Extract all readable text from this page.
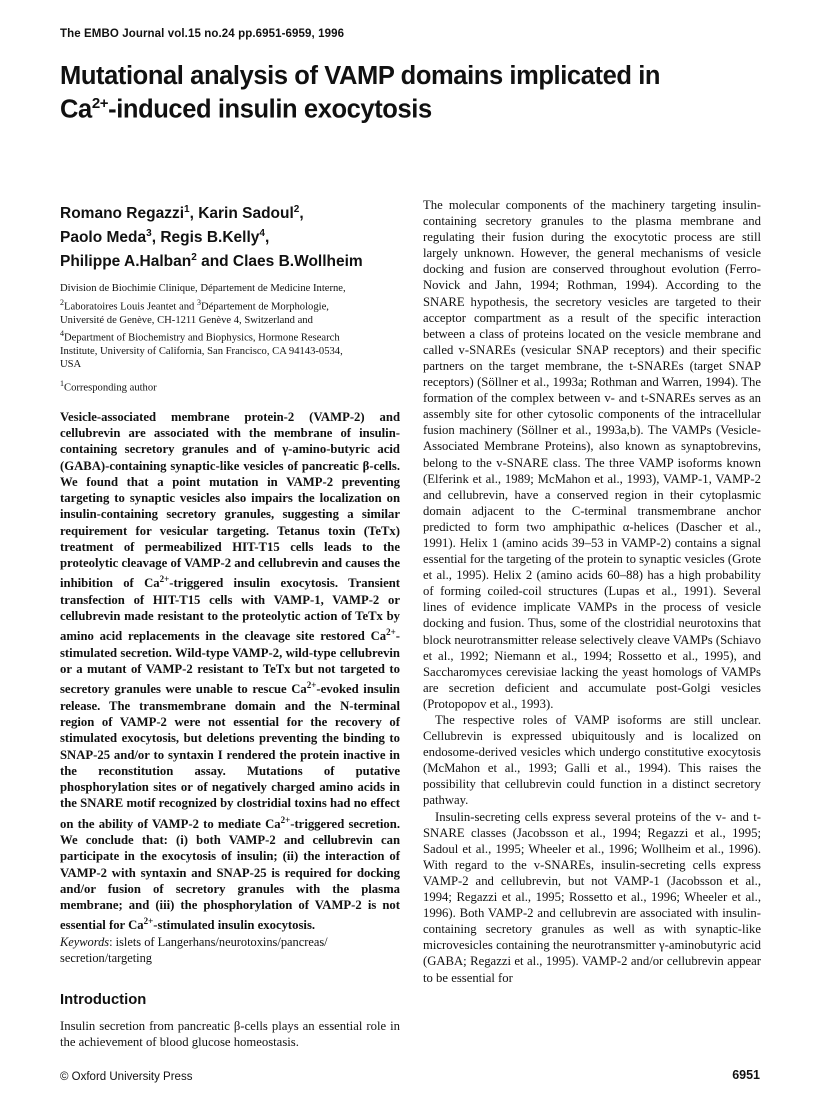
The EMBO Journal vol.15 no.24 pp.6951-6959, 1996
Mutational analysis of VAMP domains implicated in
$Ca^{2+}$-induced insulin exocytosis

Romano Regazzi$^1$, Karin Sadoul$^2$,
Paolo Meda$^3$, Regis B.Kelly$^4$,
Philippe A.Halban$^2$ and Claes B.Wollheim

Division de Biochimie Clinique, Département de Medicine Interne,
$^2$Laboratoires Louis Jeantet and $^3$Département de Morphologie,
Université de Genève, CH-1211 Genève 4, Switzerland and
$^4$Department of Biochemistry and Biophysics, Hormone Research
Institute, University of California, San Francisco, CA 94143-0534,
USA

$^1$Corresponding author

Vesicle-associated membrane protein-2 (VAMP-2) and cellubrevin are associated with the membrane of insulin-containing secretory granules and of γ-amino-butyric acid (GABA)-containing synaptic-like vesicles of pancreatic β-cells. We found that a point mutation in VAMP-2 preventing targeting to synaptic vesicles also impairs the localization on insulin-containing secretory granules, suggesting a similar requirement for vesicular targeting. Tetanus toxin (TeTx) treatment of permeabilized HIT-T15 cells leads to the proteolytic cleavage of VAMP-2 and cellubrevin and causes the inhibition of $Ca^{2+}$-triggered insulin exocytosis. Transient transfection of HIT-T15 cells with VAMP-1, VAMP-2 or cellubrevin made resistant to the proteolytic action of TeTx by amino acid replacements in the cleavage site restored $Ca^{2+}$-stimulated secretion. Wild-type VAMP-2, wild-type cellubrevin or a mutant of VAMP-2 resistant to TeTx but not targeted to secretory granules were unable to rescue $Ca^{2+}$-evoked insulin release. The transmembrane domain and the N-terminal region of VAMP-2 were not essential for the recovery of stimulated exocytosis, but deletions preventing the binding to SNAP-25 and/or to syntaxin I rendered the protein inactive in the reconstitution assay. Mutations of putative phosphorylation sites or of negatively charged amino acids in the SNARE motif recognized by clostridial toxins had no effect on the ability of VAMP-2 to mediate $Ca^{2+}$-triggered secretion. We conclude that: (i) both VAMP-2 and cellubrevin can participate in the exocytosis of insulin; (ii) the interaction of VAMP-2 with syntaxin and SNAP-25 is required for docking and/or fusion of secretory granules with the plasma membrane; and (iii) the phosphorylation of VAMP-2 is not essential for $Ca^{2+}$-stimulated insulin exocytosis.

Keywords: islets of Langerhans/neurotoxins/pancreas/ secretion/targeting

Introduction

Insulin secretion from pancreatic β-cells plays an essential role in the achievement of blood glucose homeostasis.

The molecular components of the machinery targeting insulin-containing secretory granules to the plasma membrane and regulating their fusion during the exocytotic process are still largely unknown. However, the general mechanisms of vesicle docking and fusion are conserved throughout evolution (Ferro-Novick and Jahn, 1994; Rothman, 1994). According to the SNARE hypothesis, the secretory vesicles are targeted to their acceptor compartment as a result of the specific interaction between a class of proteins located on the vesicle membrane and called v-SNAREs (vesicular SNAP receptors) and their specific partners on the target membrane, the t-SNAREs (target SNAP receptors) (Söllner et al., 1993a; Rothman and Warren, 1994). The formation of the complex between v- and t-SNAREs serves as an assembly site for other cytosolic components of the intracellular fusion machinery (Söllner et al., 1993a,b). The VAMPs (Vesicle-Associated Membrane Proteins), also known as synaptobrevins, belong to the v-SNARE class. The three VAMP isoforms known (Elferink et al., 1989; McMahon et al., 1993), VAMP-1, VAMP-2 and cellubrevin, have a conserved region in their cytoplasmic domain adjacent to the C-terminal transmembrane anchor predicted to form two amphipathic α-helices (Dascher et al., 1991). Helix 1 (amino acids 39–53 in VAMP-2) contains a signal essential for the targeting of the protein to synaptic vesicles (Grote et al., 1995). Helix 2 (amino acids 60–88) has a high probability of forming coiled-coil structures (Lupas et al., 1991). Several lines of evidence implicate VAMPs in the process of vesicle docking and fusion. Thus, some of the clostridial neurotoxins that block neurotransmitter release selectively cleave VAMPs (Schiavo et al., 1992; Niemann et al., 1994; Rossetto et al., 1995), and Saccharomyces cerevisiae lacking the yeast homologs of VAMPs are secretion deficient and accumulate post-Golgi vesicles (Protopopov et al., 1993).

The respective roles of VAMP isoforms are still unclear. Cellubrevin is expressed ubiquitously and is localized on endosome-derived vesicles which undergo constitutive exocytosis (McMahon et al., 1993; Galli et al., 1994). This raises the possibility that cellubrevin could function in a distinct secretory pathway.

Insulin-secreting cells express several proteins of the v- and t-SNARE classes (Jacobsson et al., 1994; Regazzi et al., 1995; Sadoul et al., 1995; Wheeler et al., 1996; Wollheim et al., 1996). With regard to the v-SNAREs, insulin-secreting cells express VAMP-2 and cellubrevin, but not VAMP-1 (Jacobsson et al., 1994; Regazzi et al., 1995; Rossetto et al., 1996; Wheeler et al., 1996). Both VAMP-2 and cellubrevin are associated with insulin-containing secretory granules as well as with synaptic-like microvesicles containing the neurotransmitter γ-aminobutyric acid (GABA; Regazzi et al., 1995). VAMP-2 and/or cellubrevin appear to be essential for

© Oxford University Press	6951
